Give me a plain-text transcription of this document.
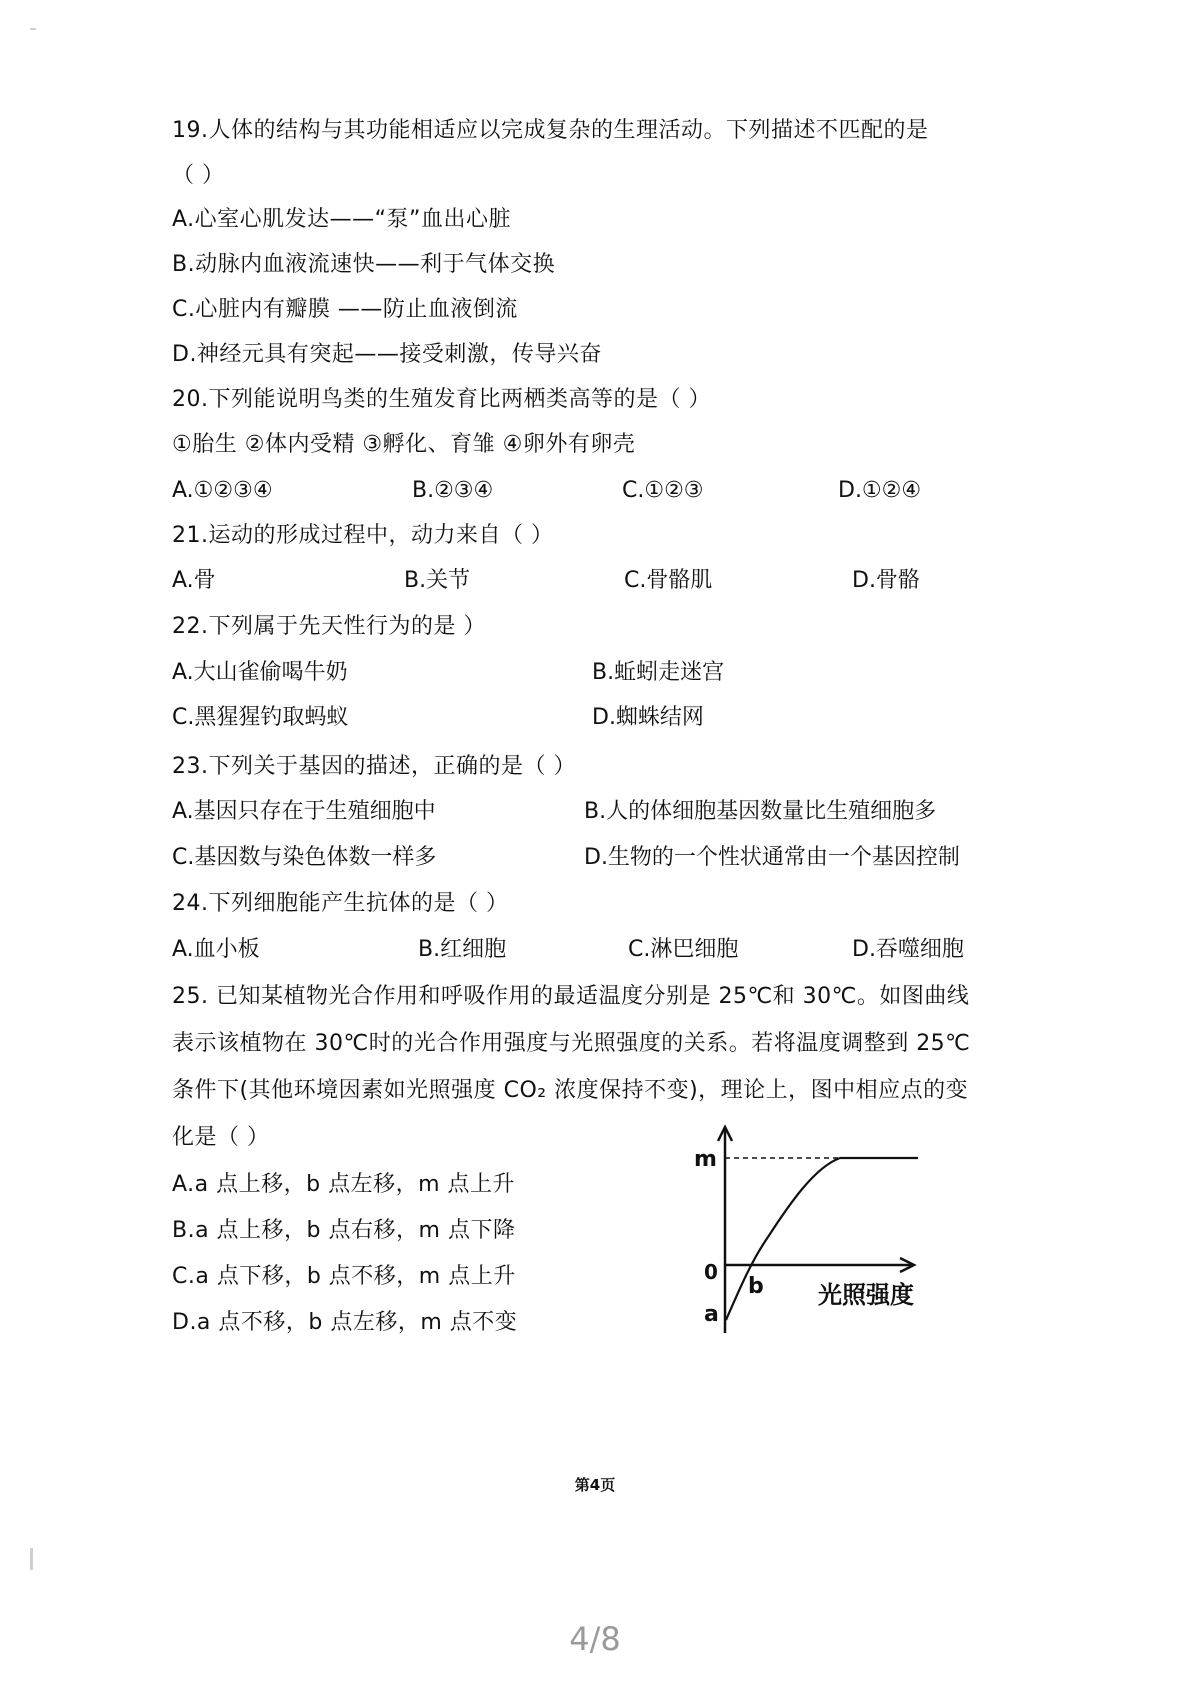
19.人体的结构与其功能相适应以完成复杂的生理活动。下列描述不匹配的是
（ ）
A.心室心肌发达——“泵”血出心脏
B.动脉内血液流速快——利于气体交换
C.心脏内有瓣膜 ——防止血液倒流
D.神经元具有突起——接受刺激，传导兴奋
20.下列能说明鸟类的生殖发育比两栖类高等的是（ ）
①胎生 ②体内受精 ③孵化、育雏 ④卵外有卵壳
A.①②③④	B.②③④	C.①②③	D.①②④
21.运动的形成过程中，动力来自（ ）
A.骨	B.关节	C.骨骼肌	D.骨骼
22.下列属于先天性行为的是 ）
A.大山雀偷喝牛奶	B.蚯蚓走迷宫
C.黑猩猩钓取蚂蚁	D.蜘蛛结网
23.下列关于基因的描述，正确的是（ ）
A.基因只存在于生殖细胞中	B.人的体细胞基因数量比生殖细胞多
C.基因数与染色体数一样多	D.生物的一个性状通常由一个基因控制
24.下列细胞能产生抗体的是（ ）
A.血小板	B.红细胞	C.淋巴细胞	D.吞噬细胞
25. 已知某植物光合作用和呼吸作用的最适温度分别是 25℃和 30℃。如图曲线
表示该植物在 30℃时的光合作用强度与光照强度的关系。若将温度调整到 25℃
条件下(其他环境因素如光照强度 CO₂ 浓度保持不变)，理论上，图中相应点的变
化是（ ）
A.a 点上移，b 点左移，m 点上升
B.a 点上移，b 点右移，m 点下降
C.a 点下移，b 点不移，m 点上升
D.a 点不移，b 点左移，m 点不变
m
0
a
b 光照强度
第4页
4/8
